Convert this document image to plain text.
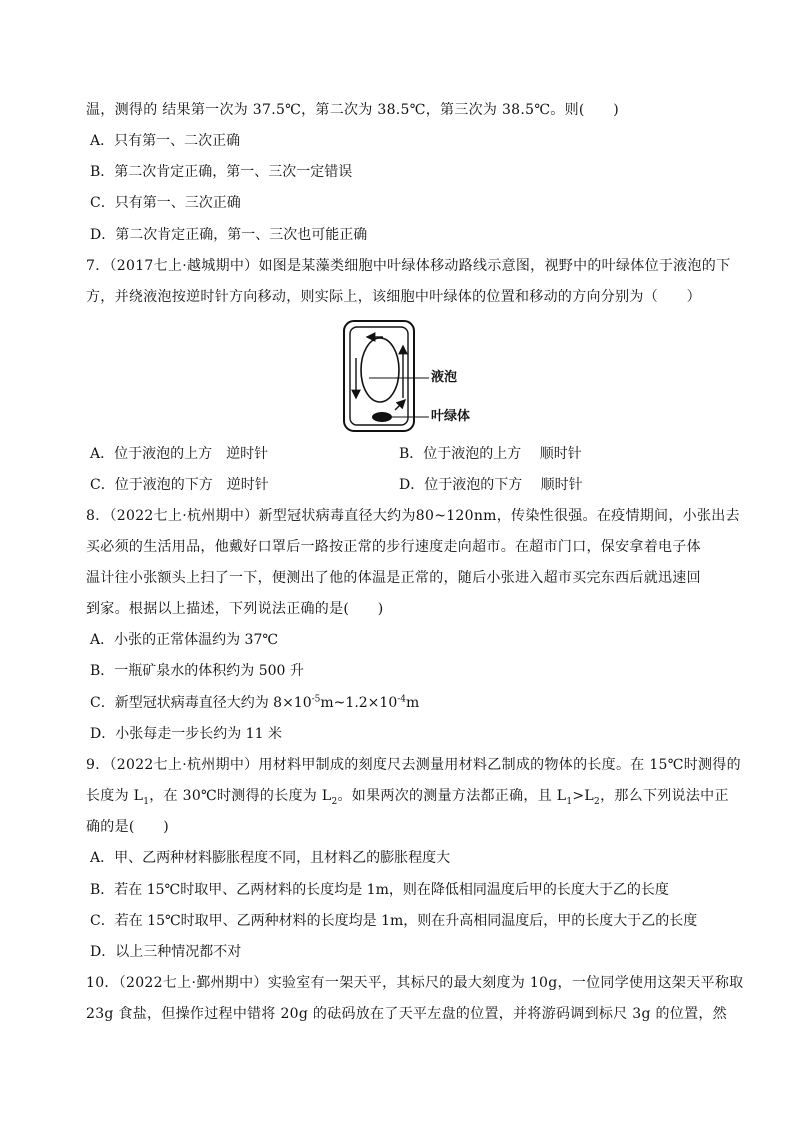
温，测得的 结果第一次为 37.5℃，第二次为 38.5℃，第三次为 38.5℃。则(　　)
A．只有第一、二次正确
B．第二次肯定正确，第一、三次一定错误
C．只有第一、三次正确
D．第二次肯定正确，第一、三次也可能正确
7．（2017七上·越城期中）如图是某藻类细胞中叶绿体移动路线示意图，视野中的叶绿体位于液泡的下
方，并绕液泡按逆时针方向移动，则实际上，该细胞中叶绿体的位置和移动的方向分别为（　　）
液泡
叶绿体
A．位于液泡的上方　逆时针	B．位于液泡的上方　 顺时针
C．位于液泡的下方　逆时针	D．位于液泡的下方　 顺时针
8．（2022七上·杭州期中）新型冠状病毒直径大约为80~120nm，传染性很强。在疫情期间，小张出去
买必须的生活用品，他戴好口罩后一路按正常的步行速度走向超市。在超市门口，保安拿着电子体
温计往小张额头上扫了一下，便测出了他的体温是正常的，随后小张进入超市买完东西后就迅速回
到家。根据以上描述，下列说法正确的是(　　)
A．小张的正常体温约为 37℃
B．一瓶矿泉水的体积约为 500 升
C．新型冠状病毒直径大约为 $8\times 10^{-5}m\sim 1.2\times 10^{-4}m$
D．小张每走一步长约为 11 米
9．（2022七上·杭州期中）用材料甲制成的刻度尺去测量用材料乙制成的物体的长度。在 15℃时测得的
长度为 $L_1$，在 30℃时测得的长度为 $L_2$。如果两次的测量方法都正确，且 $L_1>L_2$，那么下列说法中正
确的是(　　)
A．甲、乙两种材料膨胀程度不同，且材料乙的膨胀程度大
B．若在 15℃时取甲、乙两材料的长度均是 1m，则在降低相同温度后甲的长度大于乙的长度
C．若在 15℃时取甲、乙两种材料的长度均是 1m，则在升高相同温度后，甲的长度大于乙的长度
D．以上三种情况都不对
10．（2022七上·鄞州期中）实验室有一架天平，其标尺的最大刻度为 10g，一位同学使用这架天平称取
23g 食盐，但操作过程中错将 20g 的砝码放在了天平左盘的位置，并将游码调到标尺 3g 的位置，然
